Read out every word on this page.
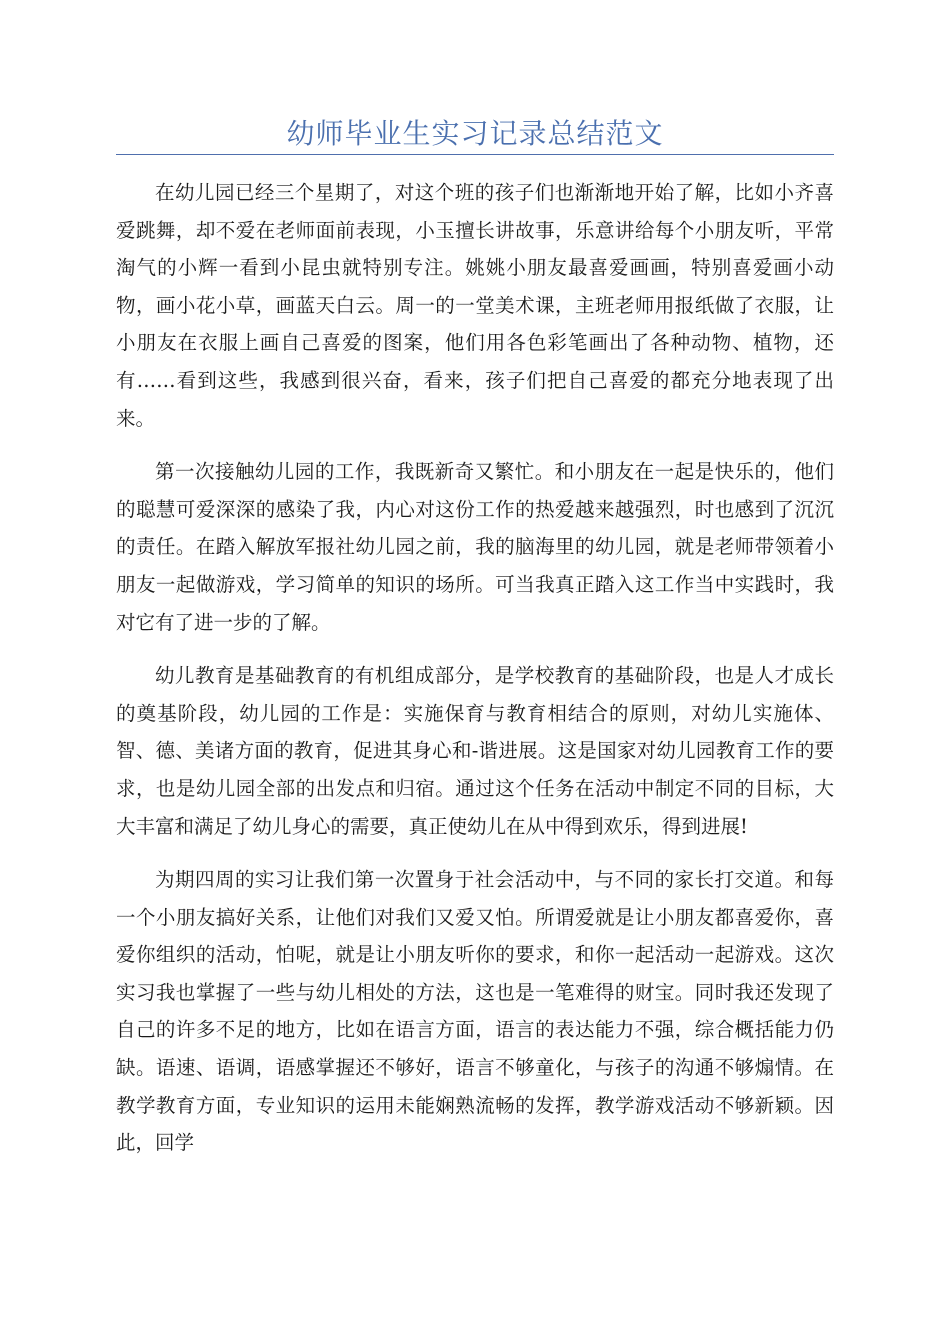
幼师毕业生实习记录总结范文

在幼儿园已经三个星期了，对这个班的孩子们也渐渐地开始了解，比如小齐喜爱跳舞，却不爱在老师面前表现，小玉擅长讲故事，乐意讲给每个小朋友听，平常淘气的小辉一看到小昆虫就特别专注。姚姚小朋友最喜爱画画，特别喜爱画小动物，画小花小草，画蓝天白云。周一的一堂美术课，主班老师用报纸做了衣服，让小朋友在衣服上画自己喜爱的图案，他们用各色彩笔画出了各种动物、植物，还有……看到这些，我感到很兴奋，看来，孩子们把自己喜爱的都充分地表现了出来。

第一次接触幼儿园的工作，我既新奇又繁忙。和小朋友在一起是快乐的，他们的聪慧可爱深深的感染了我，内心对这份工作的热爱越来越强烈，时也感到了沉沉的责任。在踏入解放军报社幼儿园之前，我的脑海里的幼儿园，就是老师带领着小朋友一起做游戏，学习简单的知识的场所。可当我真正踏入这工作当中实践时，我对它有了进一步的了解。

幼儿教育是基础教育的有机组成部分，是学校教育的基础阶段，也是人才成长的奠基阶段，幼儿园的工作是：实施保育与教育相结合的原则，对幼儿实施体、智、德、美诸方面的教育，促进其身心和-谐进展。这是国家对幼儿园教育工作的要求，也是幼儿园全部的出发点和归宿。通过这个任务在活动中制定不同的目标，大大丰富和满足了幼儿身心的需要，真正使幼儿在从中得到欢乐，得到进展!

为期四周的实习让我们第一次置身于社会活动中，与不同的家长打交道。和每一个小朋友搞好关系，让他们对我们又爱又怕。所谓爱就是让小朋友都喜爱你，喜爱你组织的活动，怕呢，就是让小朋友听你的要求，和你一起活动一起游戏。这次实习我也掌握了一些与幼儿相处的方法，这也是一笔难得的财宝。同时我还发现了自己的许多不足的地方，比如在语言方面，语言的表达能力不强，综合概括能力仍缺。语速、语调，语感掌握还不够好，语言不够童化，与孩子的沟通不够煽情。在教学教育方面，专业知识的运用未能娴熟流畅的发挥，教学游戏活动不够新颖。因此，回学
